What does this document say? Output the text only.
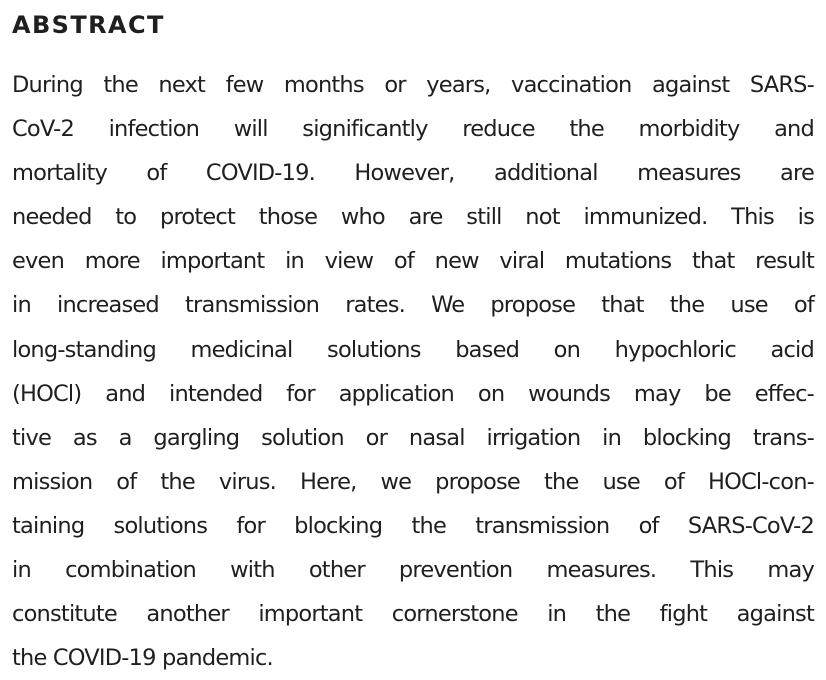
ABSTRACT
During the next few months or years, vaccination against SARS-
CoV-2 infection will significantly reduce the morbidity and
mortality of COVID-19. However, additional measures are
needed to protect those who are still not immunized. This is
even more important in view of new viral mutations that result
in increased transmission rates. We propose that the use of
long-standing medicinal solutions based on hypochloric acid
(HOCl) and intended for application on wounds may be effec-
tive as a gargling solution or nasal irrigation in blocking trans-
mission of the virus. Here, we propose the use of HOCl-con-
taining solutions for blocking the transmission of SARS-CoV-2
in combination with other prevention measures. This may
constitute another important cornerstone in the fight against
the COVID-19 pandemic.
